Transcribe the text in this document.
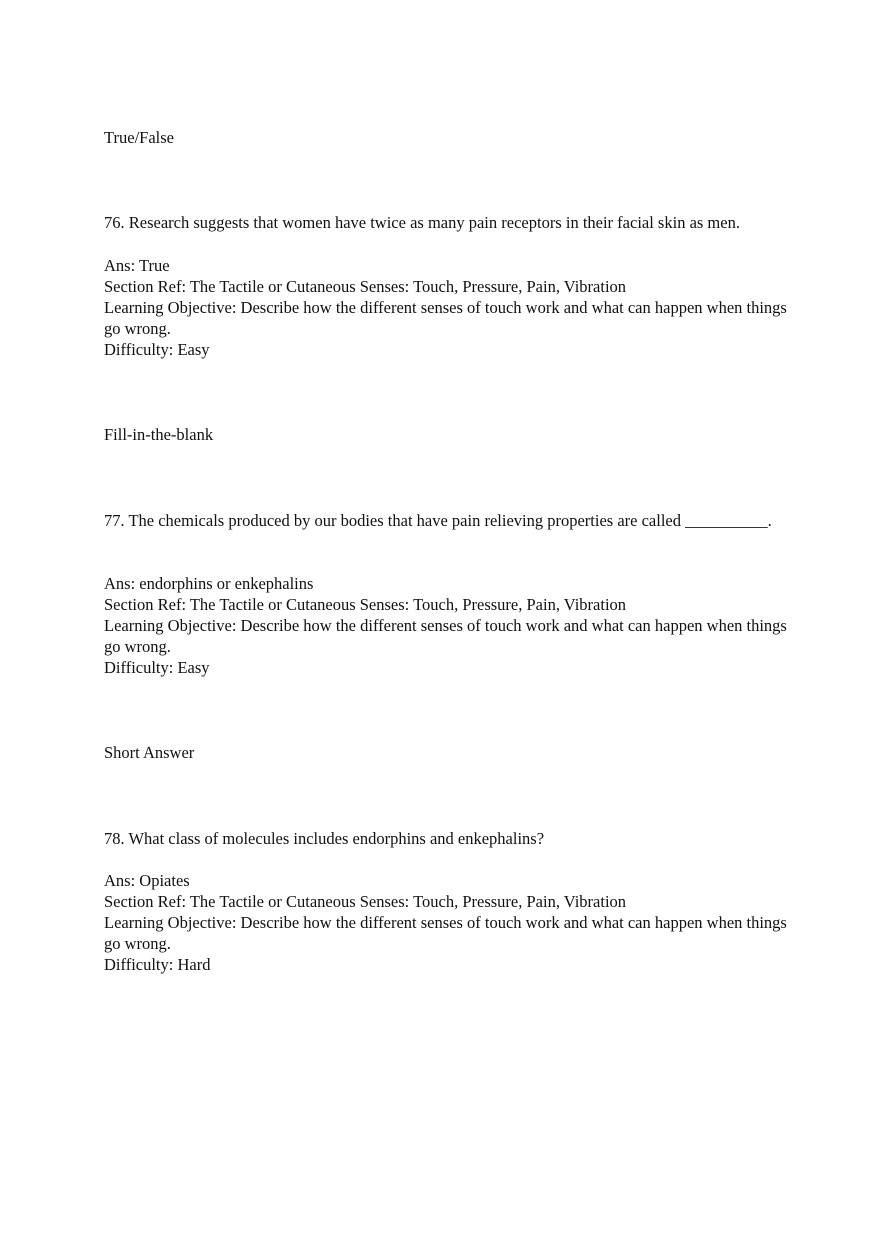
True/False

76. Research suggests that women have twice as many pain receptors in their facial skin as men.

Ans: True
Section Ref: The Tactile or Cutaneous Senses: Touch, Pressure, Pain, Vibration
Learning Objective: Describe how the different senses of touch work and what can happen when things go wrong.
Difficulty: Easy

Fill-in-the-blank

77. The chemicals produced by our bodies that have pain relieving properties are called __________.

Ans: endorphins or enkephalins
Section Ref: The Tactile or Cutaneous Senses: Touch, Pressure, Pain, Vibration
Learning Objective: Describe how the different senses of touch work and what can happen when things go wrong.
Difficulty: Easy

Short Answer

78. What class of molecules includes endorphins and enkephalins?

Ans: Opiates
Section Ref: The Tactile or Cutaneous Senses: Touch, Pressure, Pain, Vibration
Learning Objective: Describe how the different senses of touch work and what can happen when things go wrong.
Difficulty: Hard
